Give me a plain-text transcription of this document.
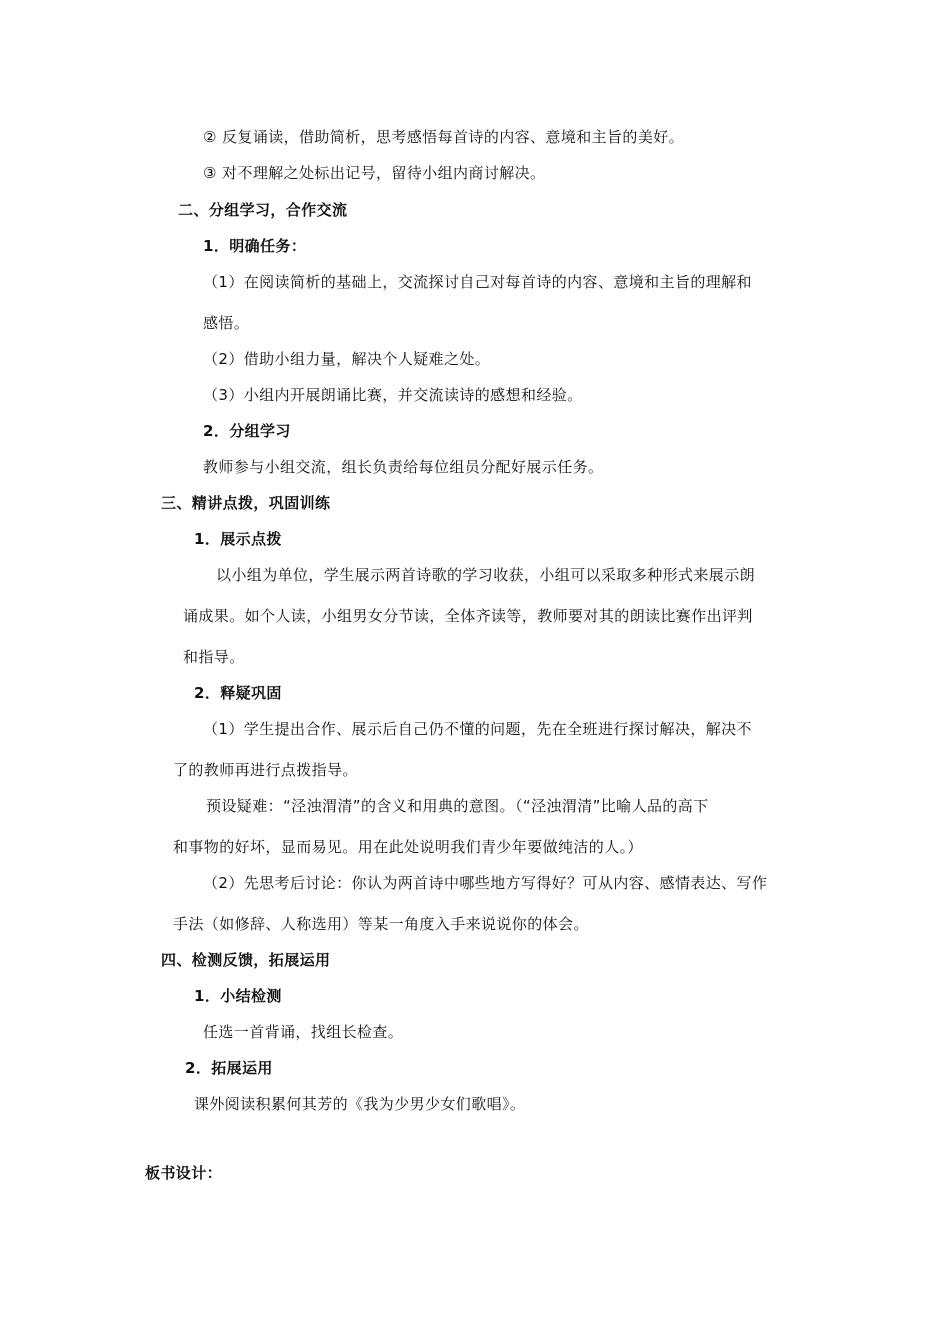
② 反复诵读，借助简析，思考感悟每首诗的内容、意境和主旨的美好。
③ 对不理解之处标出记号，留待小组内商讨解决。
二、分组学习，合作交流
1．明确任务：
（1）在阅读简析的基础上，交流探讨自己对每首诗的内容、意境和主旨的理解和
感悟。
（2）借助小组力量，解决个人疑难之处。
（3）小组内开展朗诵比赛，并交流读诗的感想和经验。
2．分组学习
教师参与小组交流，组长负责给每位组员分配好展示任务。
三、精讲点拨，巩固训练
1．展示点拨
以小组为单位，学生展示两首诗歌的学习收获，小组可以采取多种形式来展示朗
诵成果。如个人读，小组男女分节读，全体齐读等，教师要对其的朗读比赛作出评判
和指导。
2．释疑巩固
（1）学生提出合作、展示后自己仍不懂的问题，先在全班进行探讨解决，解决不
了的教师再进行点拨指导。
预设疑难：“泾浊渭清”的含义和用典的意图。（“泾浊渭清”比喻人品的高下
和事物的好坏，显而易见。用在此处说明我们青少年要做纯洁的人。）
（2）先思考后讨论：你认为两首诗中哪些地方写得好？可从内容、感情表达、写作
手法（如修辞、人称选用）等某一角度入手来说说你的体会。
四、检测反馈，拓展运用
1．小结检测
任选一首背诵，找组长检查。
2．拓展运用
课外阅读积累何其芳的《我为少男少女们歌唱》。
板书设计：
